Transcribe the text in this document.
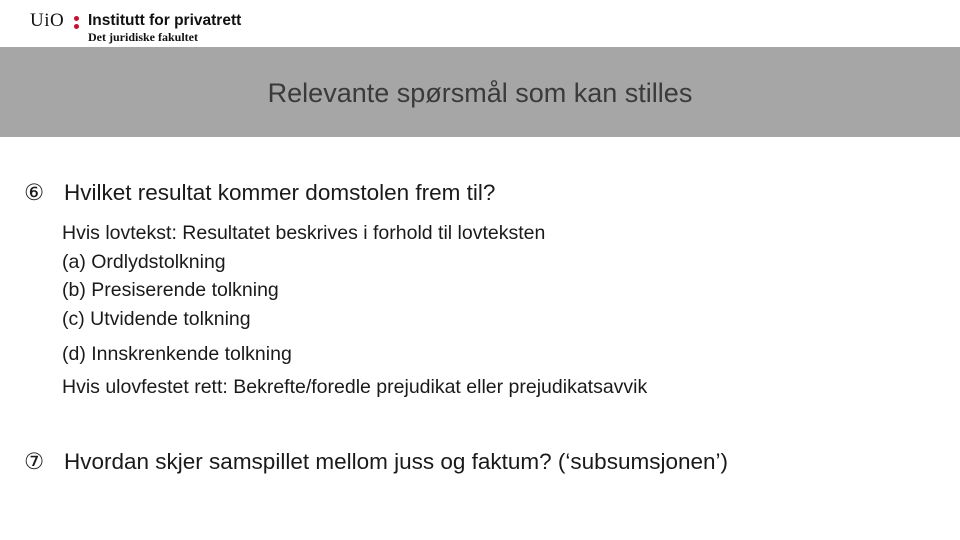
UiO Institutt for privatrett
Det juridiske fakultet
Relevante spørsmål som kan stilles
⑥ Hvilket resultat kommer domstolen frem til?
Hvis lovtekst: Resultatet beskrives i forhold til lovteksten
(a) Ordlydstolkning
(b) Presiserende tolkning
(c) Utvidende tolkning
(d) Innskrenkende tolkning
Hvis ulovfestet rett: Bekrefte/foredle prejudikat eller prejudikatsavvik
⑦ Hvordan skjer samspillet mellom juss og faktum? (‘subsumsjonen’)
